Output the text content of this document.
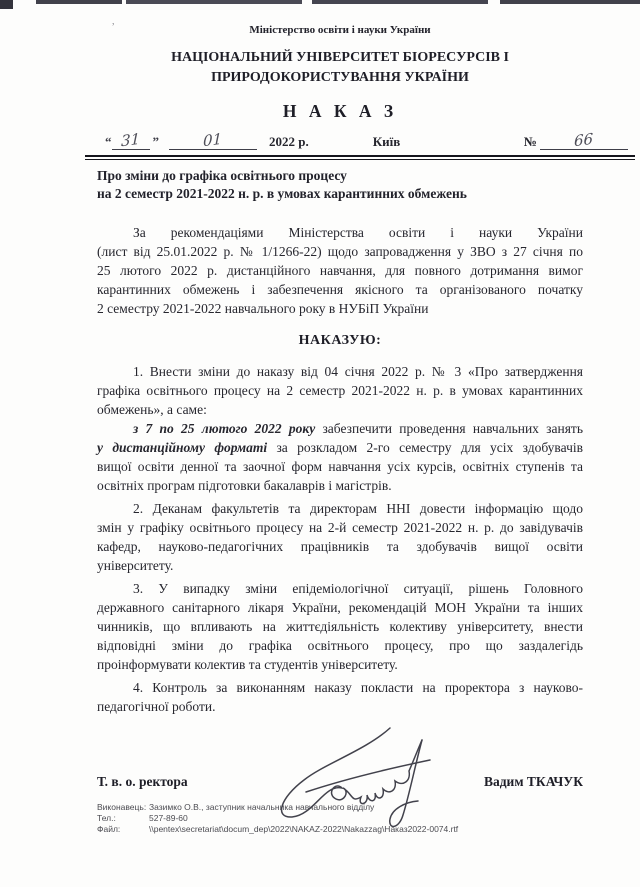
,
Міністерство освіти і науки України
НАЦІОНАЛЬНИЙ УНІВЕРСИТЕТ БІОРЕСУРСІВ І
ПРИРОДОКОРИСТУВАННЯ УКРАЇНИ
Н А К А З
“ 31 ”	01	2022 р.	Київ	№	66
Про зміни до графіка освітнього процесу
на 2 семестр 2021-2022 н. р. в умовах карантинних обмежень
За рекомендаціями Міністерства освіти і науки України
(лист від 25.01.2022 р. № 1/1266-22) щодо запровадження у ЗВО з 27 січня по
25 лютого 2022 р. дистанційного навчання, для повного дотримання вимог
карантинних обмежень і забезпечення якісного та організованого початку
2 семестру 2021-2022 навчального року в НУБіП України
НАКАЗУЮ:
1. Внести зміни до наказу від 04 січня 2022 р. № 3 «Про затвердження
графіка освітнього процесу на 2 семестр 2021-2022 н. р. в умовах карантинних
обмежень», а саме:
з 7 по 25 лютого 2022 року забезпечити проведення навчальних занять
у дистанційному форматі за розкладом 2-го семестру для усіх здобувачів
вищої освіти денної та заочної форм навчання усіх курсів, освітніх ступенів та
освітніх програм підготовки бакалаврів і магістрів.
2. Деканам факультетів та директорам ННІ довести інформацію щодо
змін у графіку освітнього процесу на 2-й семестр 2021-2022 н. р. до завідувачів
кафедр, науково-педагогічних працівників та здобувачів вищої освіти
університету.
3. У випадку зміни епідеміологічної ситуації, рішень Головного
державного санітарного лікаря України, рекомендацій МОН України та інших
чинників, що впливають на життєдіяльність колективу університету, внести
відповідні зміни до графіка освітнього процесу, про що заздалегідь
проінформувати колектив та студентів університету.
4. Контроль за виконанням наказу покласти на проректора з науково-
педагогічної роботи.
Т. в. о. ректора	Вадим ТКАЧУК
Виконавець: Зазимко О.В., заступник начальника навчального відділу
Тел.:	527-89-60
Файл:	\\pentex\secretariat\docum_dep\2022\NAKAZ-2022\Nakazzag\Наказ2022-0074.rtf
